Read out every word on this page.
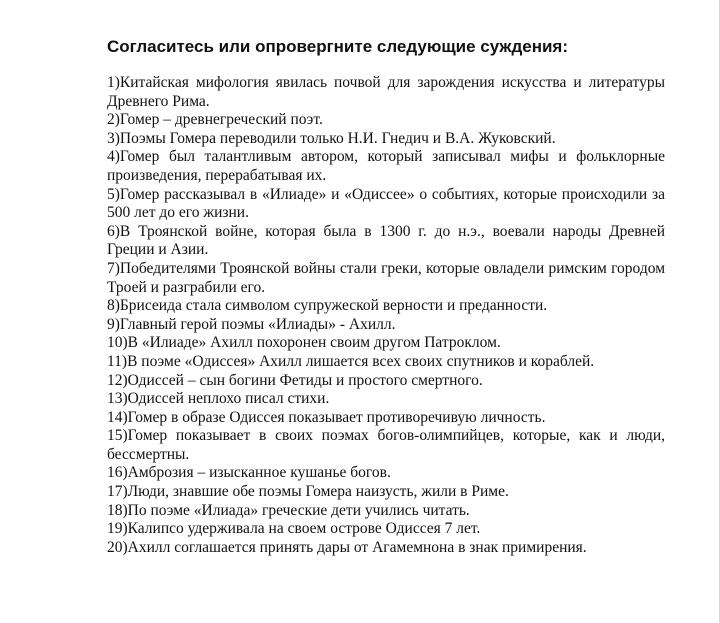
Согласитесь или опровергните следующие суждения:

1)Китайская мифология явилась почвой для зарождения искусства и литературы Древнего Рима.

2)Гомер – древнегреческий поэт.

3)Поэмы Гомера переводили только Н.И. Гнедич и В.А. Жуковский.

4)Гомер был талантливым автором, который записывал мифы и фольклорные произведения, перерабатывая их.

5)Гомер рассказывал в «Илиаде» и «Одиссее» о событиях, которые происходили за 500 лет до его жизни.

6)В Троянской войне, которая была в 1300 г. до н.э., воевали народы Древней Греции и Азии.

7)Победителями Троянской войны стали греки, которые овладели римским городом Троей и разграбили его.

8)Брисеида стала символом супружеской верности и преданности.

9)Главный герой поэмы «Илиады» - Ахилл.

10)В «Илиаде» Ахилл похоронен своим другом Патроклом.

11)В поэме «Одиссея» Ахилл лишается всех своих спутников и кораблей.

12)Одиссей – сын богини Фетиды и простого смертного.

13)Одиссей неплохо писал стихи.

14)Гомер в образе Одиссея показывает противоречивую личность.

15)Гомер показывает в своих поэмах богов-олимпийцев, которые, как и люди, бессмертны.

16)Амброзия – изысканное кушанье богов.

17)Люди, знавшие обе поэмы Гомера наизусть, жили в Риме.

18)По поэме «Илиада» греческие дети учились читать.

19)Калипсо удерживала на своем острове Одиссея 7 лет.

20)Ахилл соглашается принять дары от Агамемнона в знак примирения.
